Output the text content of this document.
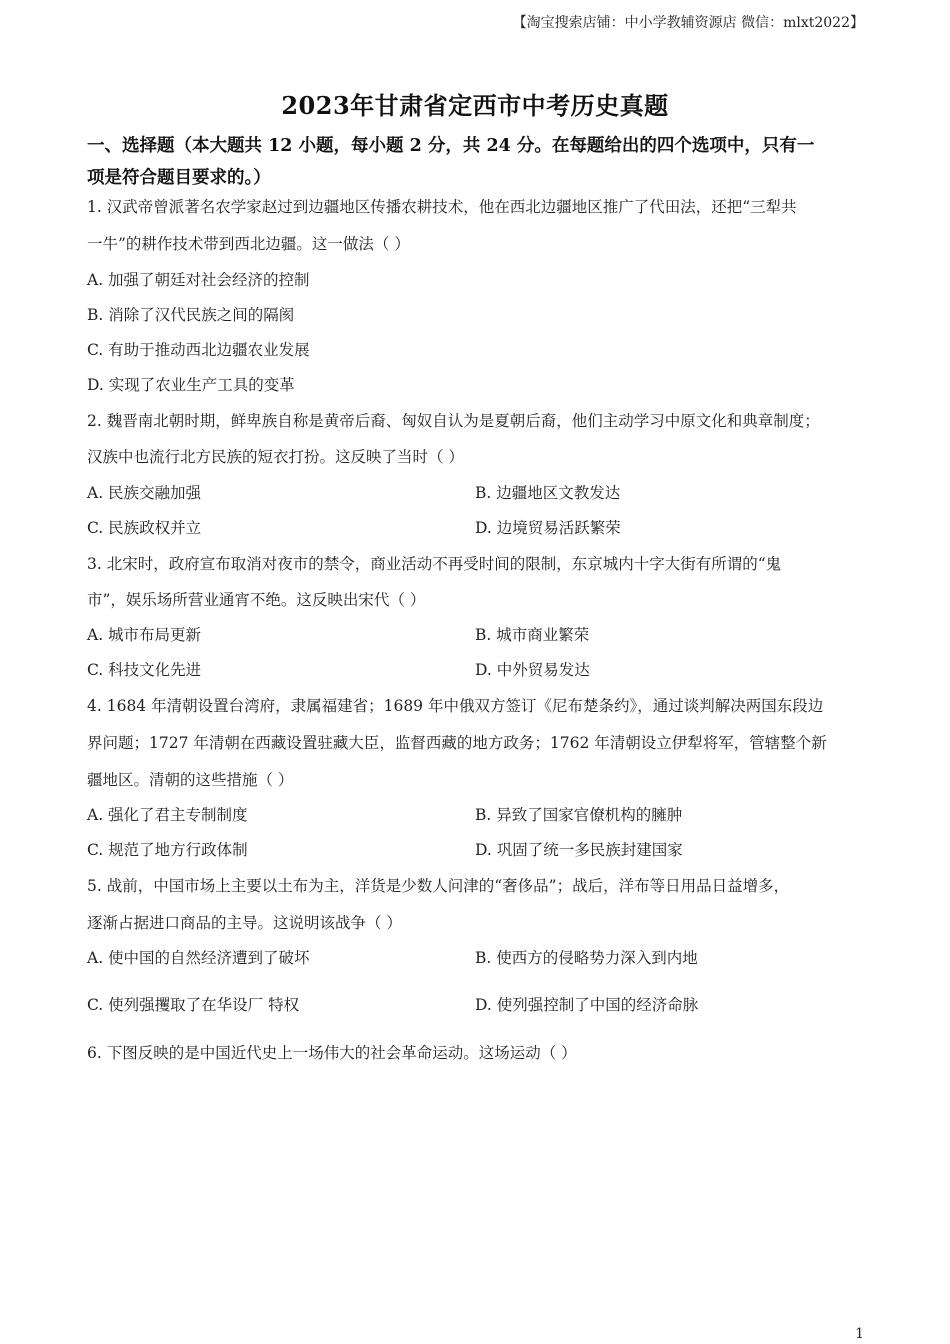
【淘宝搜索店铺：中小学教辅资源店 微信：mlxt2022】
2023年甘肃省定西市中考历史真题
一、选择题（本大题共 12 小题，每小题 2 分，共 24 分。在每题给出的四个选项中，只有一
项是符合题目要求的。）
1. 汉武帝曾派著名农学家赵过到边疆地区传播农耕技术，他在西北边疆地区推广了代田法，还把“三犁共
一牛”的耕作技术带到西北边疆。这一做法（ ）
A. 加强了朝廷对社会经济的控制
B. 消除了汉代民族之间的隔阂
C. 有助于推动西北边疆农业发展
D. 实现了农业生产工具的变革
2. 魏晋南北朝时期，鲜卑族自称是黄帝后裔、匈奴自认为是夏朝后裔，他们主动学习中原文化和典章制度；
汉族中也流行北方民族的短衣打扮。这反映了当时（ ）
A. 民族交融加强	B. 边疆地区文教发达
C. 民族政权并立	D. 边境贸易活跃繁荣
3. 北宋时，政府宣布取消对夜市的禁令，商业活动不再受时间的限制，东京城内十字大街有所谓的“鬼
市”，娱乐场所营业通宵不绝。这反映出宋代（ ）
A. 城市布局更新	B. 城市商业繁荣
C. 科技文化先进	D. 中外贸易发达
4. 1684 年清朝设置台湾府，隶属福建省；1689 年中俄双方签订《尼布楚条约》，通过谈判解决两国东段边
界问题；1727 年清朝在西藏设置驻藏大臣，监督西藏的地方政务；1762 年清朝设立伊犁将军，管辖整个新
疆地区。清朝的这些措施（ ）
A. 强化了君主专制制度	B. 异致了国家官僚机构的臃肿
C. 规范了地方行政体制	D. 巩固了统一多民族封建国家
5. 战前，中国市场上主要以土布为主，洋货是少数人问津的“奢侈品”；战后，洋布等日用品日益增多，
逐渐占据进口商品的主导。这说明该战争（ ）
A. 使中国的自然经济遭到了破坏	B. 使西方的侵略势力深入到内地
C. 使列强攫取了在华设厂 特权	D. 使列强控制了中国的经济命脉
6. 下图反映的是中国近代史上一场伟大的社会革命运动。这场运动（ ）
1
